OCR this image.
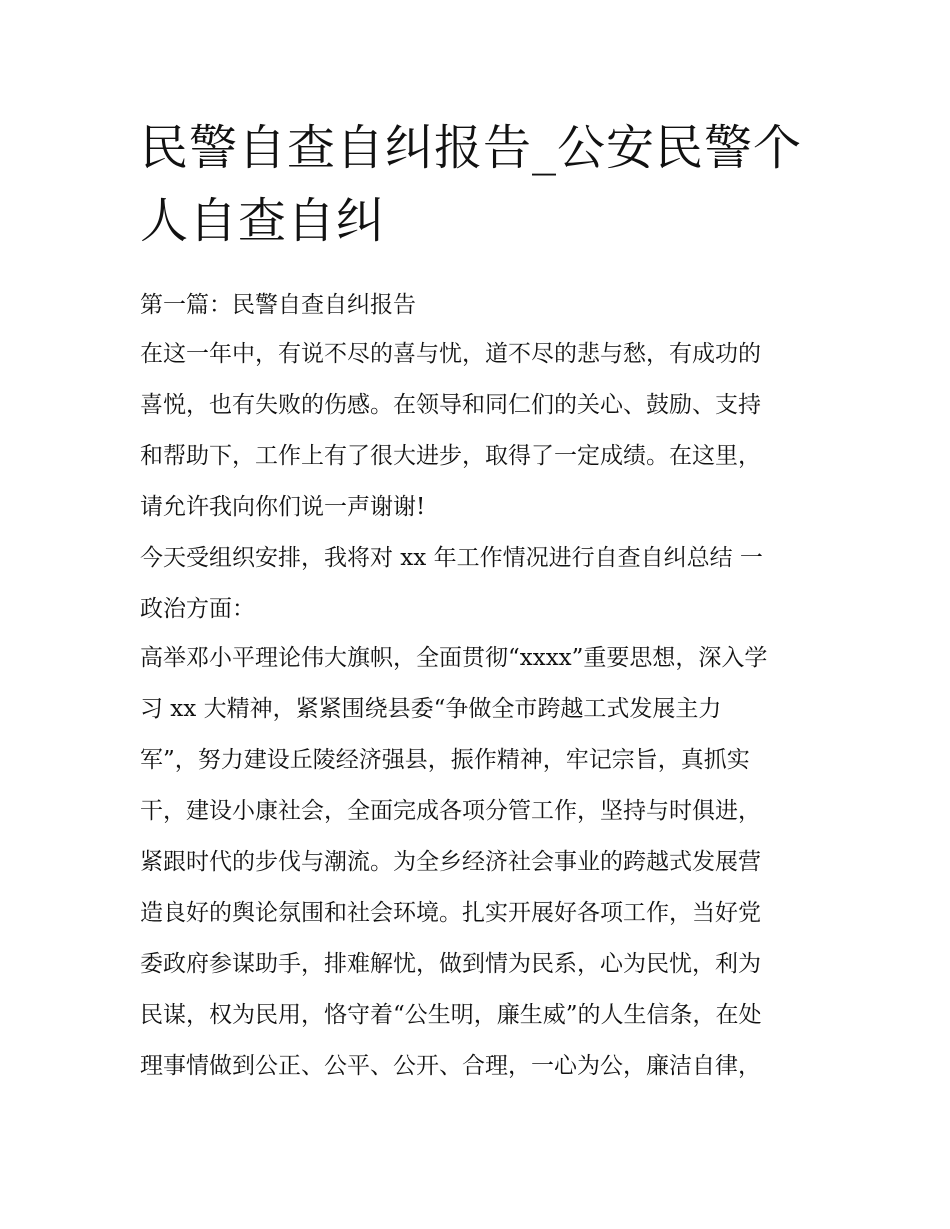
民警自查自纠报告_公安民警个
人自查自纠

第一篇：民警自查自纠报告

在这一年中，有说不尽的喜与忧，道不尽的悲与愁，有成功的
喜悦，也有失败的伤感。在领导和同仁们的关心、鼓励、支持
和帮助下，工作上有了很大进步，取得了一定成绩。在这里，
请允许我向你们说一声谢谢!
今天受组织安排，我将对 xx 年工作情况进行自查自纠总结 一
政治方面：
高举邓小平理论伟大旗帜，全面贯彻“xxxx”重要思想，深入学
习 xx 大精神，紧紧围绕县委“争做全市跨越工式发展主力
军”，努力建设丘陵经济强县，振作精神，牢记宗旨，真抓实
干，建设小康社会，全面完成各项分管工作，坚持与时俱进，
紧跟时代的步伐与潮流。为全乡经济社会事业的跨越式发展营
造良好的舆论氛围和社会环境。扎实开展好各项工作，当好党
委政府参谋助手，排难解忧，做到情为民系，心为民忧，利为
民谋，权为民用，恪守着“公生明，廉生威”的人生信条，在处
理事情做到公正、公平、公开、合理，一心为公，廉洁自律，
